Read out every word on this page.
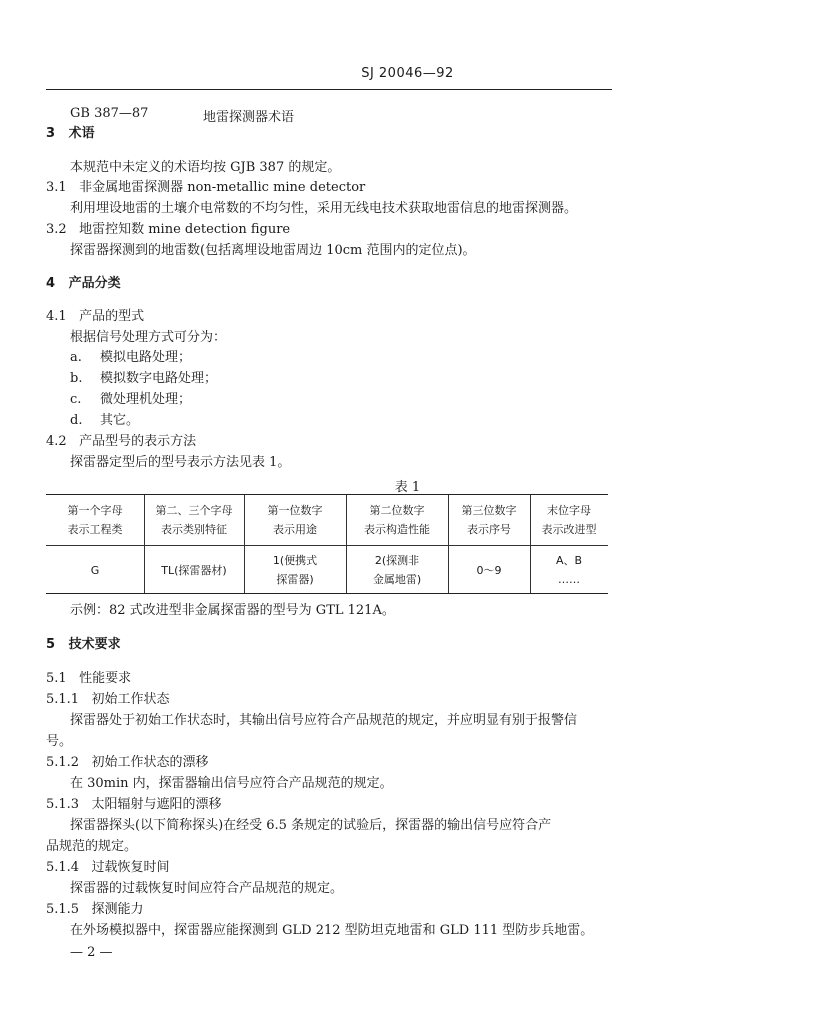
SJ 20046—92
GB 387—87	地雷探测器术语
3 术语
本规范中未定义的术语均按 GJB 387 的规定。
3.1 非金属地雷探测器 non-metallic mine detector
利用埋设地雷的土壤介电常数的不均匀性，采用无线电技术获取地雷信息的地雷探测器。
3.2 地雷控知数 mine detection figure
探雷器探测到的地雷数(包括离埋设地雷周边 10cm 范围内的定位点)。
4 产品分类
4.1 产品的型式
根据信号处理方式可分为：
a. 模拟电路处理；
b. 模拟数字电路处理；
c. 微处理机处理；
d. 其它。
4.2 产品型号的表示方法
探雷器定型后的型号表示方法见表 1。
表 1
第一个字母
表示工程类
第二、三个字母
表示类别特征
第一位数字
表示用途
第二位数字
表示构造性能
第三位数字
表示序号
末位字母
表示改进型
G	TL(探雷器材)
1(便携式
探雷器)
2(探测非
金属地雷)
0～9
A、B
……
示例：82 式改进型非金属探雷器的型号为 GTL 121A。
5 技术要求
5.1 性能要求
5.1.1 初始工作状态
探雷器处于初始工作状态时，其输出信号应符合产品规范的规定，并应明显有别于报警信
号。
5.1.2 初始工作状态的漂移
在 30min 内，探雷器输出信号应符合产品规范的规定。
5.1.3 太阳辐射与遮阳的漂移
探雷器探头(以下简称探头)在经受 6.5 条规定的试验后，探雷器的输出信号应符合产
品规范的规定。
5.1.4 过载恢复时间
探雷器的过载恢复时间应符合产品规范的规定。
5.1.5 探测能力
在外场模拟器中，探雷器应能探测到 GLD 212 型防坦克地雷和 GLD 111 型防步兵地雷。
— 2 —
